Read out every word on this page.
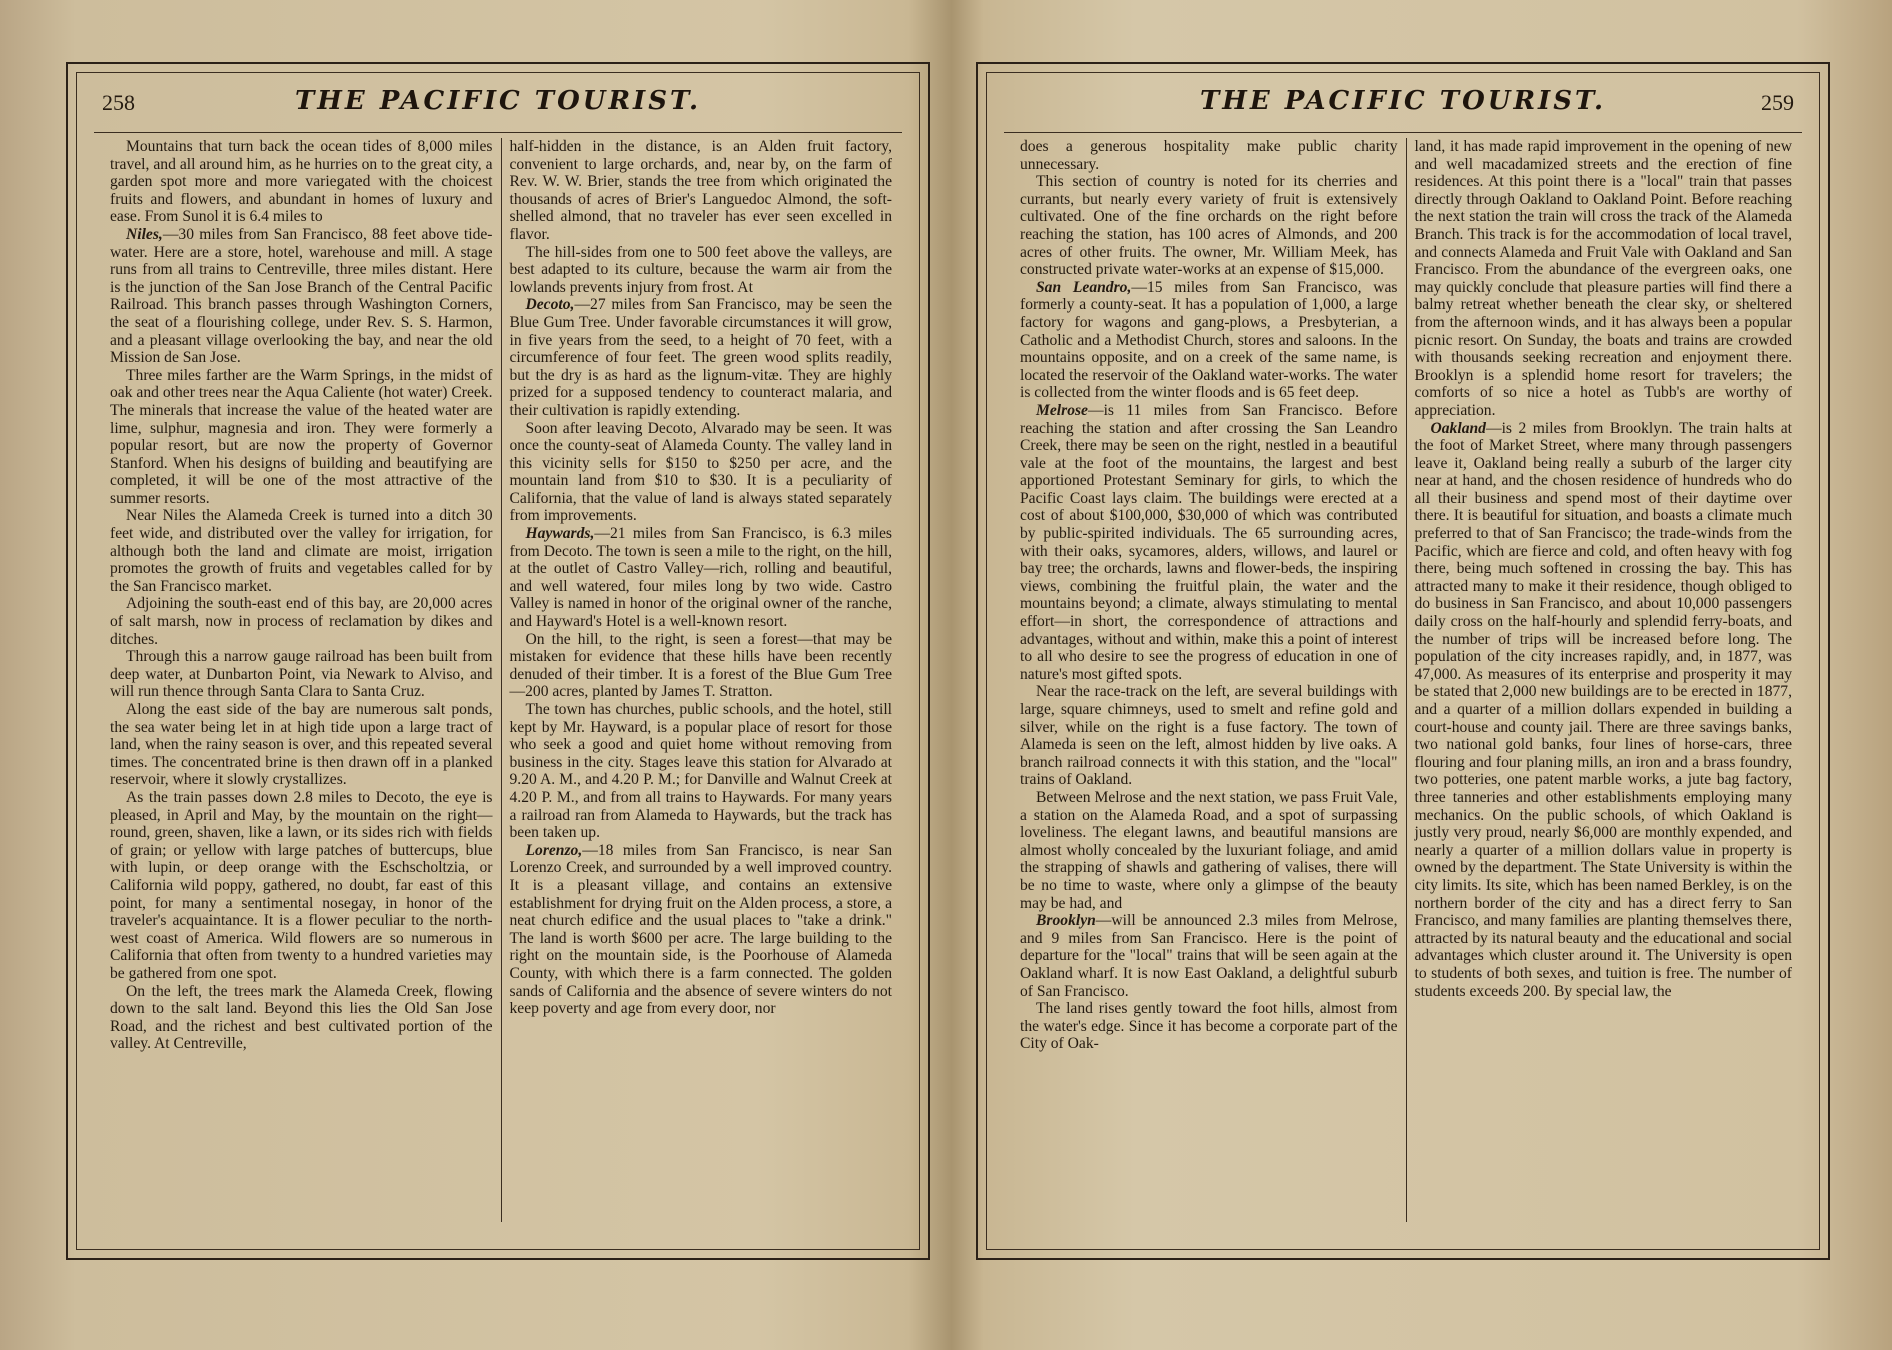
258	THE PACIFIC TOURIST.

Mountains that turn back the ocean tides of 8,000 miles travel, and all around him, as he hurries on to the great city, a garden spot more and more variegated with the choicest fruits and flowers, and abundant in homes of luxury and ease. From Sunol it is 6.4 miles to

Niles,—30 miles from San Francisco, 88 feet above tide-water. Here are a store, hotel, warehouse and mill. A stage runs from all trains to Centreville, three miles distant. Here is the junction of the San Jose Branch of the Central Pacific Railroad. This branch passes through Washington Corners, the seat of a flourishing college, under Rev. S. S. Harmon, and a pleasant village overlooking the bay, and near the old Mission de San Jose.

Three miles farther are the Warm Springs, in the midst of oak and other trees near the Aqua Caliente (hot water) Creek. The minerals that increase the value of the heated water are lime, sulphur, magnesia and iron. They were formerly a popular resort, but are now the property of Governor Stanford. When his designs of building and beautifying are completed, it will be one of the most attractive of the summer resorts.

Near Niles the Alameda Creek is turned into a ditch 30 feet wide, and distributed over the valley for irrigation, for although both the land and climate are moist, irrigation promotes the growth of fruits and vegetables called for by the San Francisco market.

Adjoining the south-east end of this bay, are 20,000 acres of salt marsh, now in process of reclamation by dikes and ditches.

Through this a narrow gauge railroad has been built from deep water, at Dunbarton Point, via Newark to Alviso, and will run thence through Santa Clara to Santa Cruz.

Along the east side of the bay are numerous salt ponds, the sea water being let in at high tide upon a large tract of land, when the rainy season is over, and this repeated several times. The concentrated brine is then drawn off in a planked reservoir, where it slowly crystallizes.

As the train passes down 2.8 miles to Decoto, the eye is pleased, in April and May, by the mountain on the right—round, green, shaven, like a lawn, or its sides rich with fields of grain; or yellow with large patches of buttercups, blue with lupin, or deep orange with the Eschscholtzia, or California wild poppy, gathered, no doubt, far east of this point, for many a sentimental nosegay, in honor of the traveler's acquaintance. It is a flower peculiar to the north-west coast of America. Wild flowers are so numerous in California that often from twenty to a hundred varieties may be gathered from one spot.

On the left, the trees mark the Alameda Creek, flowing down to the salt land. Beyond this lies the Old San Jose Road, and the richest and best cultivated portion of the valley. At Centreville,

half-hidden in the distance, is an Alden fruit factory, convenient to large orchards, and, near by, on the farm of Rev. W. W. Brier, stands the tree from which originated the thousands of acres of Brier's Languedoc Almond, the soft-shelled almond, that no traveler has ever seen excelled in flavor.

The hill-sides from one to 500 feet above the valleys, are best adapted to its culture, because the warm air from the lowlands prevents injury from frost. At

Decoto,—27 miles from San Francisco, may be seen the Blue Gum Tree. Under favorable circumstances it will grow, in five years from the seed, to a height of 70 feet, with a circumference of four feet. The green wood splits readily, but the dry is as hard as the lignum-vitæ. They are highly prized for a supposed tendency to counteract malaria, and their cultivation is rapidly extending.

Soon after leaving Decoto, Alvarado may be seen. It was once the county-seat of Alameda County. The valley land in this vicinity sells for $150 to $250 per acre, and the mountain land from $10 to $30. It is a peculiarity of California, that the value of land is always stated separately from improvements.

Haywards,—21 miles from San Francisco, is 6.3 miles from Decoto. The town is seen a mile to the right, on the hill, at the outlet of Castro Valley—rich, rolling and beautiful, and well watered, four miles long by two wide. Castro Valley is named in honor of the original owner of the ranche, and Hayward's Hotel is a well-known resort.

On the hill, to the right, is seen a forest—that may be mistaken for evidence that these hills have been recently denuded of their timber. It is a forest of the Blue Gum Tree—200 acres, planted by James T. Stratton.

The town has churches, public schools, and the hotel, still kept by Mr. Hayward, is a popular place of resort for those who seek a good and quiet home without removing from business in the city. Stages leave this station for Alvarado at 9.20 A. M., and 4.20 P. M.; for Danville and Walnut Creek at 4.20 P. M., and from all trains to Haywards. For many years a railroad ran from Alameda to Haywards, but the track has been taken up.

Lorenzo,—18 miles from San Francisco, is near San Lorenzo Creek, and surrounded by a well improved country. It is a pleasant village, and contains an extensive establishment for drying fruit on the Alden process, a store, a neat church edifice and the usual places to "take a drink." The land is worth $600 per acre. The large building to the right on the mountain side, is the Poorhouse of Alameda County, with which there is a farm connected. The golden sands of California and the absence of severe winters do not keep poverty and age from every door, nor

THE PACIFIC TOURIST.	259

does a generous hospitality make public charity unnecessary.

This section of country is noted for its cherries and currants, but nearly every variety of fruit is extensively cultivated. One of the fine orchards on the right before reaching the station, has 100 acres of Almonds, and 200 acres of other fruits. The owner, Mr. William Meek, has constructed private water-works at an expense of $15,000.

San Leandro,—15 miles from San Francisco, was formerly a county-seat. It has a population of 1,000, a large factory for wagons and gang-plows, a Presbyterian, a Catholic and a Methodist Church, stores and saloons. In the mountains opposite, and on a creek of the same name, is located the reservoir of the Oakland water-works. The water is collected from the winter floods and is 65 feet deep.

Melrose—is 11 miles from San Francisco. Before reaching the station and after crossing the San Leandro Creek, there may be seen on the right, nestled in a beautiful vale at the foot of the mountains, the largest and best apportioned Protestant Seminary for girls, to which the Pacific Coast lays claim. The buildings were erected at a cost of about $100,000, $30,000 of which was contributed by public-spirited individuals. The 65 surrounding acres, with their oaks, sycamores, alders, willows, and laurel or bay tree; the orchards, lawns and flower-beds, the inspiring views, combining the fruitful plain, the water and the mountains beyond; a climate, always stimulating to mental effort—in short, the correspondence of attractions and advantages, without and within, make this a point of interest to all who desire to see the progress of education in one of nature's most gifted spots.

Near the race-track on the left, are several buildings with large, square chimneys, used to smelt and refine gold and silver, while on the right is a fuse factory. The town of Alameda is seen on the left, almost hidden by live oaks. A branch railroad connects it with this station, and the "local" trains of Oakland.

Between Melrose and the next station, we pass Fruit Vale, a station on the Alameda Road, and a spot of surpassing loveliness. The elegant lawns, and beautiful mansions are almost wholly concealed by the luxuriant foliage, and amid the strapping of shawls and gathering of valises, there will be no time to waste, where only a glimpse of the beauty may be had, and

Brooklyn—will be announced 2.3 miles from Melrose, and 9 miles from San Francisco. Here is the point of departure for the "local" trains that will be seen again at the Oakland wharf. It is now East Oakland, a delightful suburb of San Francisco.

The land rises gently toward the foot hills, almost from the water's edge. Since it has become a corporate part of the City of Oak-

land, it has made rapid improvement in the opening of new and well macadamized streets and the erection of fine residences. At this point there is a "local" train that passes directly through Oakland to Oakland Point. Before reaching the next station the train will cross the track of the Alameda Branch. This track is for the accommodation of local travel, and connects Alameda and Fruit Vale with Oakland and San Francisco. From the abundance of the evergreen oaks, one may quickly conclude that pleasure parties will find there a balmy retreat whether beneath the clear sky, or sheltered from the afternoon winds, and it has always been a popular picnic resort. On Sunday, the boats and trains are crowded with thousands seeking recreation and enjoyment there. Brooklyn is a splendid home resort for travelers; the comforts of so nice a hotel as Tubb's are worthy of appreciation.

Oakland—is 2 miles from Brooklyn. The train halts at the foot of Market Street, where many through passengers leave it, Oakland being really a suburb of the larger city near at hand, and the chosen residence of hundreds who do all their business and spend most of their daytime over there. It is beautiful for situation, and boasts a climate much preferred to that of San Francisco; the trade-winds from the Pacific, which are fierce and cold, and often heavy with fog there, being much softened in crossing the bay. This has attracted many to make it their residence, though obliged to do business in San Francisco, and about 10,000 passengers daily cross on the half-hourly and splendid ferry-boats, and the number of trips will be increased before long. The population of the city increases rapidly, and, in 1877, was 47,000. As measures of its enterprise and prosperity it may be stated that 2,000 new buildings are to be erected in 1877, and a quarter of a million dollars expended in building a court-house and county jail. There are three savings banks, two national gold banks, four lines of horse-cars, three flouring and four planing mills, an iron and a brass foundry, two potteries, one patent marble works, a jute bag factory, three tanneries and other establishments employing many mechanics. On the public schools, of which Oakland is justly very proud, nearly $6,000 are monthly expended, and nearly a quarter of a million dollars value in property is owned by the department. The State University is within the city limits. Its site, which has been named Berkley, is on the northern border of the city and has a direct ferry to San Francisco, and many families are planting themselves there, attracted by its natural beauty and the educational and social advantages which cluster around it. The University is open to students of both sexes, and tuition is free. The number of students exceeds 200. By special law, the
